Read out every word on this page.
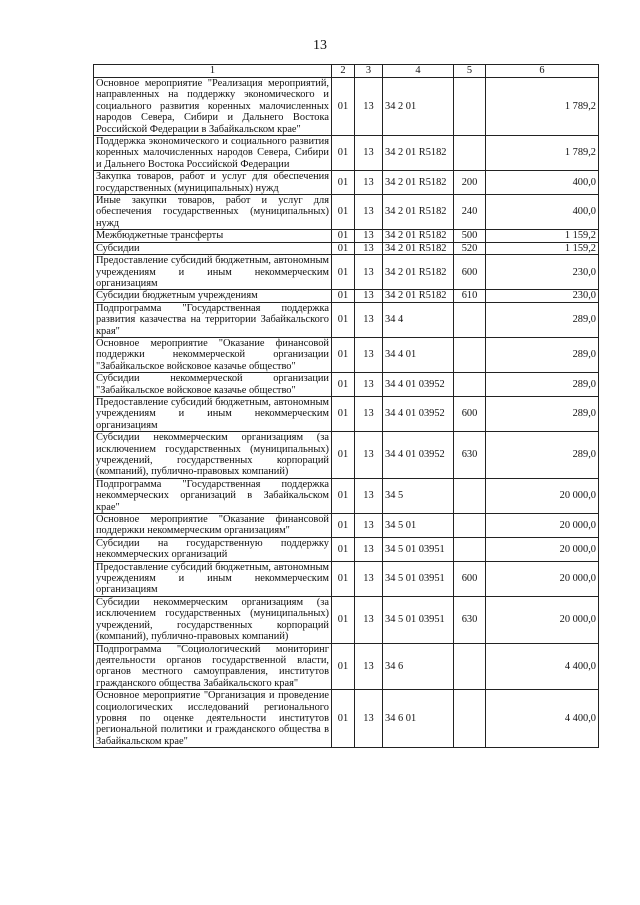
13
1	2	3	4	5	6
Основное мероприятие "Реализация мероприятий, направленных на поддержку экономического и социального развития коренных малочисленных народов Севера, Сибири и Дальнего Востока Российской Федерации в Забайкальском крае"	01	13	34 2 01		1 789,2
Поддержка экономического и социального развития коренных малочисленных народов Севера, Сибири и Дальнего Востока Российской Федерации	01	13	34 2 01 R5182		1 789,2
Закупка товаров, работ и услуг для обеспечения государственных (муниципальных) нужд	01	13	34 2 01 R5182	200	400,0
Иные закупки товаров, работ и услуг для обеспечения государственных (муниципальных) нужд	01	13	34 2 01 R5182	240	400,0
Межбюджетные трансферты	01	13	34 2 01 R5182	500	1 159,2
Субсидии	01	13	34 2 01 R5182	520	1 159,2
Предоставление субсидий бюджетным, автономным учреждениям и иным некоммерческим организациям	01	13	34 2 01 R5182	600	230,0
Субсидии бюджетным учреждениям	01	13	34 2 01 R5182	610	230,0
Подпрограмма "Государственная поддержка развития казачества на территории Забайкальского края"	01	13	34 4		289,0
Основное мероприятие "Оказание финансовой поддержки некоммерческой организации "Забайкальское войсковое казачье общество"	01	13	34 4 01		289,0
Субсидии некоммерческой организации "Забайкальское войсковое казачье общество"	01	13	34 4 01 03952		289,0
Предоставление субсидий бюджетным, автономным учреждениям и иным некоммерческим организациям	01	13	34 4 01 03952	600	289,0
Субсидии некоммерческим организациям (за исключением государственных (муниципальных) учреждений, государственных корпораций (компаний), публично-правовых компаний)	01	13	34 4 01 03952	630	289,0
Подпрограмма "Государственная поддержка некоммерческих организаций в Забайкальском крае"	01	13	34 5		20 000,0
Основное мероприятие "Оказание финансовой поддержки некоммерческим организациям"	01	13	34 5 01		20 000,0
Субсидии на государственную поддержку некоммерческих организаций	01	13	34 5 01 03951		20 000,0
Предоставление субсидий бюджетным, автономным учреждениям и иным некоммерческим организациям	01	13	34 5 01 03951	600	20 000,0
Субсидии некоммерческим организациям (за исключением государственных (муниципальных) учреждений, государственных корпораций (компаний), публично-правовых компаний)	01	13	34 5 01 03951	630	20 000,0
Подпрограмма "Социологический мониторинг деятельности органов государственной власти, органов местного самоуправления, институтов гражданского общества Забайкальского края"	01	13	34 6		4 400,0
Основное мероприятие "Организация и проведение социологических исследований регионального уровня по оценке деятельности институтов региональной политики и гражданского общества в Забайкальском крае"	01	13	34 6 01		4 400,0
